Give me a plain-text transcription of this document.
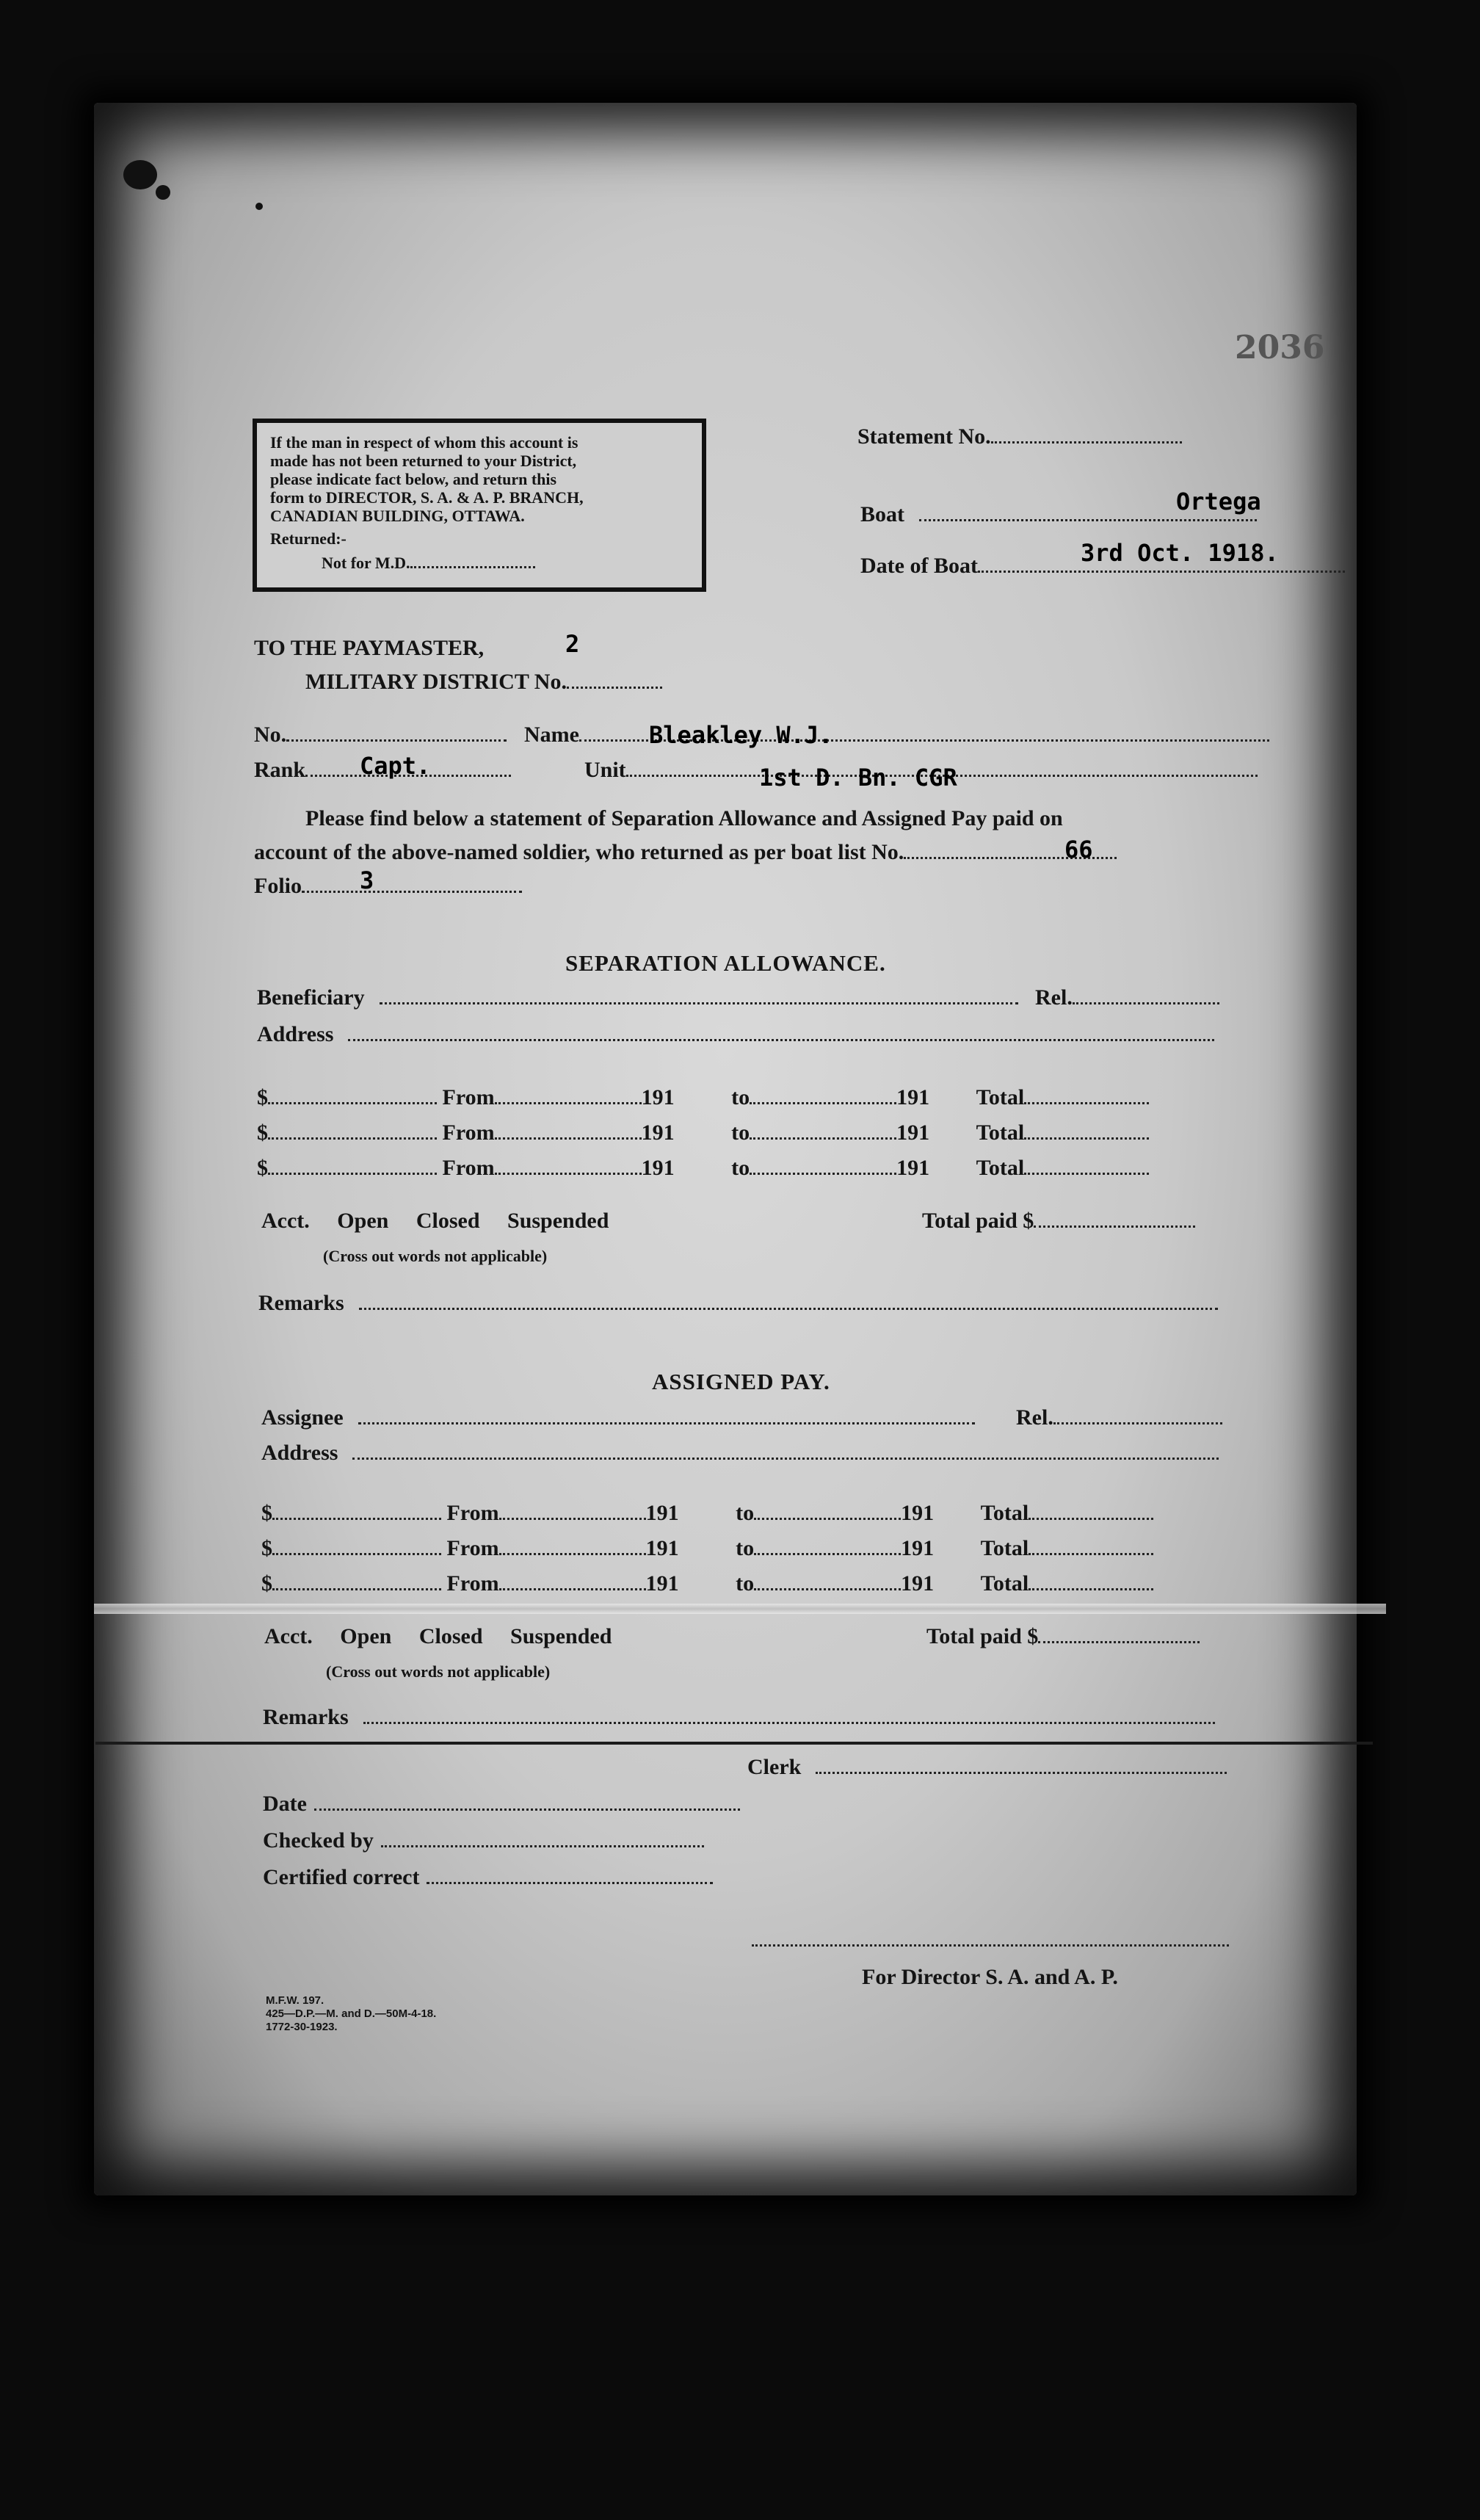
2036
If the man in respect of whom this account is
made has not been returned to your District,
please indicate fact below, and return this
form to DIRECTOR, S. A. & A. P. BRANCH,
CANADIAN BUILDING, OTTAWA.
Returned:-
Not for M.D.
Statement No.
Boat	Ortega
Date of Boat	3rd Oct. 1918.
TO THE PAYMASTER,	2
MILITARY DISTRICT No.
No.	Name	Bleakley W.J.
Rank	Capt.	Unit	1st D. Bn. CGR
Please find below a statement of Separation Allowance and Assigned Pay paid on
account of the above-named soldier, who returned as per boat list No.	66
Folio	3
SEPARATION ALLOWANCE.
Beneficiary	Rel.
Address
$	From	191	to	191 Total
$	From	191	to	191 Total
$	From	191	to	191 Total
Acct. Open Closed Suspended	Total paid $
(Cross out words not applicable)
Remarks
ASSIGNED PAY.
Assignee	Rel.
Address
$	From	191	to	191 Total
$	From	191	to	191 Total
$	From	191	to	191 Total
Acct. Open Closed Suspended	Total paid $
(Cross out words not applicable)
Remarks
Clerk
Date
Checked by
Certified correct
For Director S. A. and A. P.
M.F.W. 197.
425—D.P.—M. and D.—50M-4-18.
1772-30-1923.
